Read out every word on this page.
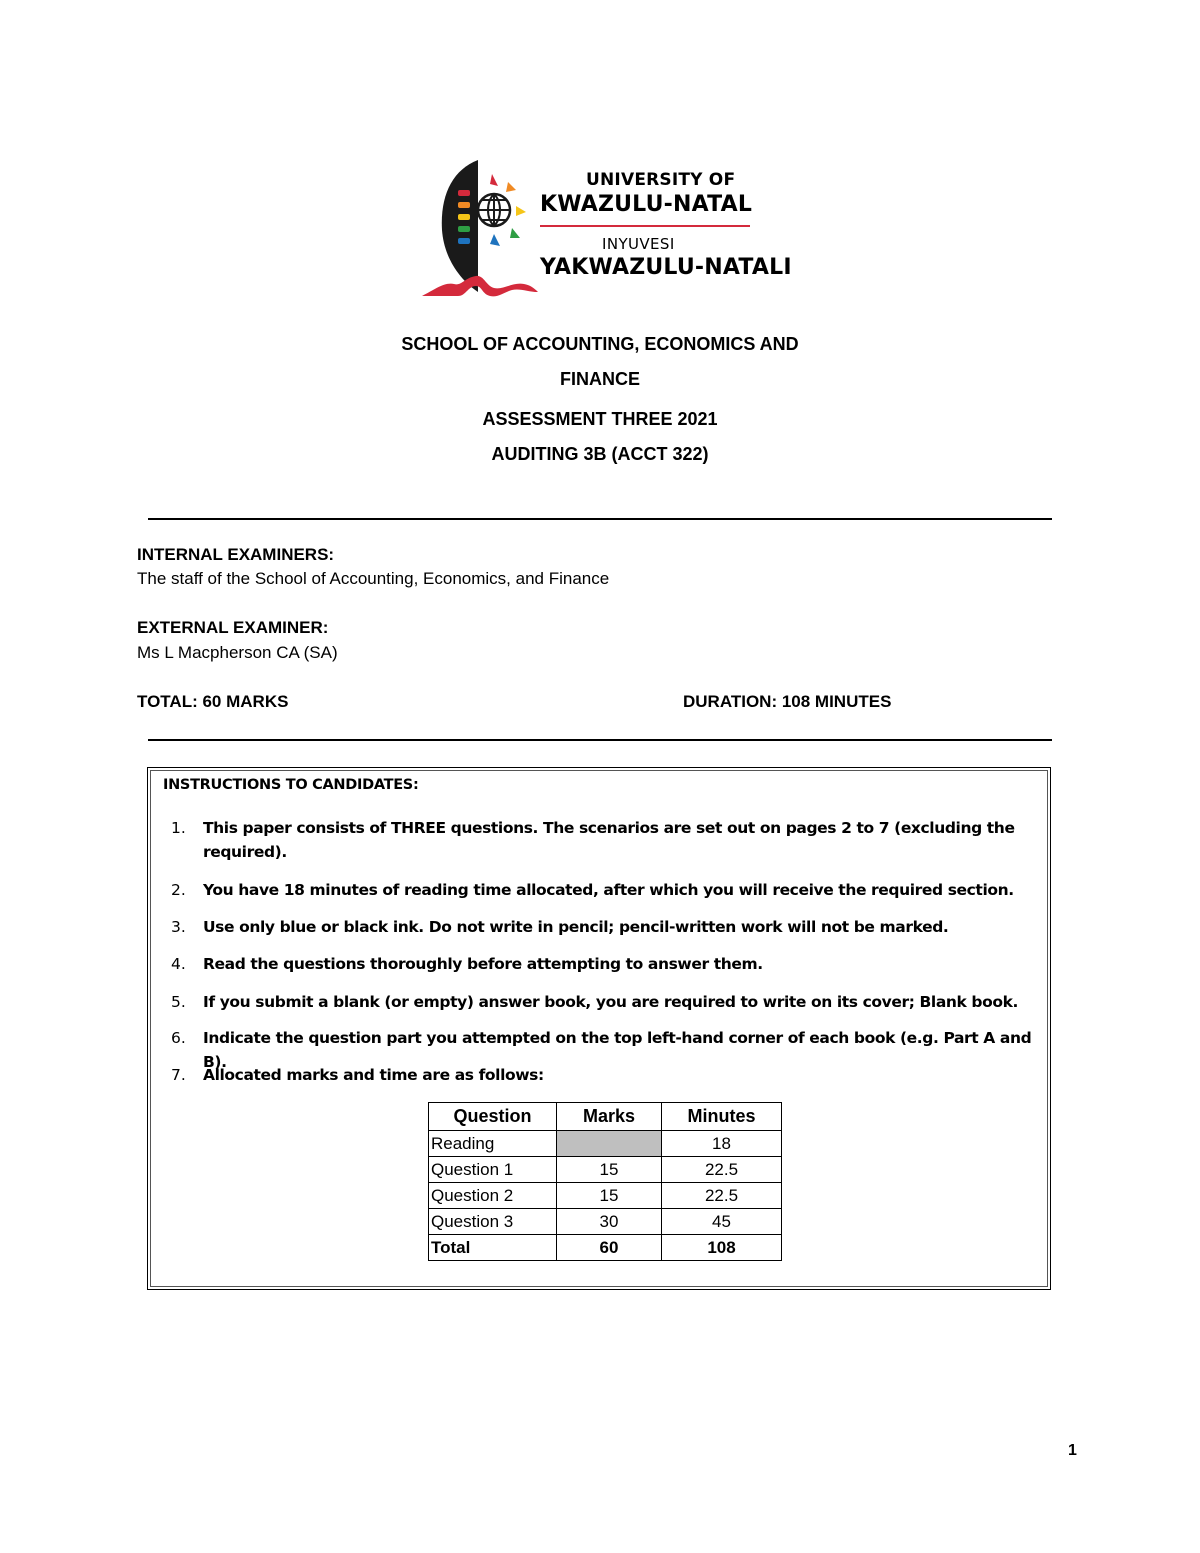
UNIVERSITY OF
KWAZULU-NATAL
INYUVESI
YAKWAZULU-NATALI
SCHOOL OF ACCOUNTING, ECONOMICS AND
FINANCE
ASSESSMENT THREE 2021
AUDITING 3B (ACCT 322)
INTERNAL EXAMINERS:
The staff of the School of Accounting, Economics, and Finance
EXTERNAL EXAMINER:
Ms L Macpherson CA (SA)
TOTAL: 60 MARKS	DURATION: 108 MINUTES
INSTRUCTIONS TO CANDIDATES:
1.	This paper consists of THREE questions. The scenarios are set out on pages 2 to 7 (excluding the required).
2.	You have 18 minutes of reading time allocated, after which you will receive the required section.
3.	Use only blue or black ink. Do not write in pencil; pencil-written work will not be marked.
4.	Read the questions thoroughly before attempting to answer them.
5.	If you submit a blank (or empty) answer book, you are required to write on its cover; Blank book.
6.	Indicate the question part you attempted on the top left-hand corner of each book (e.g. Part A and B).
7.	Allocated marks and time are as follows:
Question	Marks	Minutes
Reading		18
Question 1	15	22.5
Question 2	15	22.5
Question 3	30	45
Total	60	108
1
